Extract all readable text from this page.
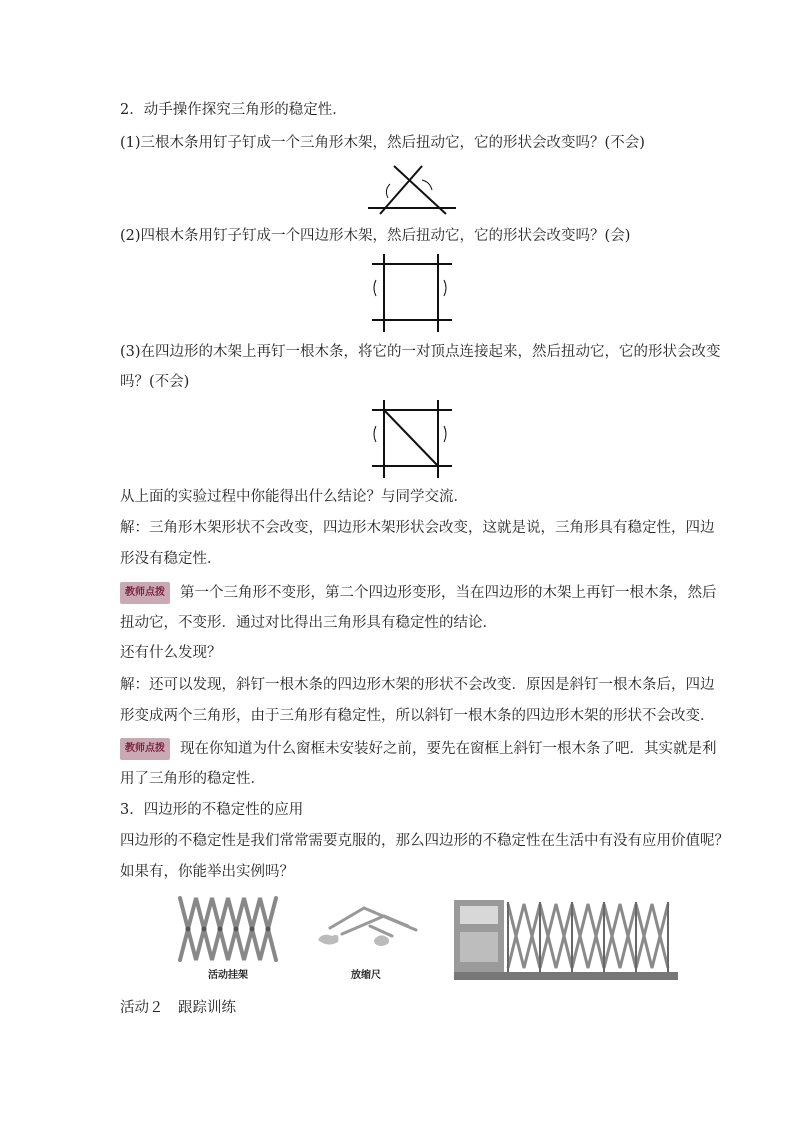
2．动手操作探究三角形的稳定性．
(1)三根木条用钉子钉成一个三角形木架，然后扭动它，它的形状会改变吗？(不会)
(2)四根木条用钉子钉成一个四边形木架，然后扭动它，它的形状会改变吗？(会)
(3)在四边形的木架上再钉一根木条，将它的一对顶点连接起来，然后扭动它，它的形状会改变
吗？(不会)
从上面的实验过程中你能得出什么结论？与同学交流．
解：三角形木架形状不会改变，四边形木架形状会改变，这就是说，三角形具有稳定性，四边
形没有稳定性．
教师点拨 第一个三角形不变形，第二个四边形变形，当在四边形的木架上再钉一根木条，然后
扭动它，不变形．通过对比得出三角形具有稳定性的结论．
还有什么发现？
解：还可以发现，斜钉一根木条的四边形木架的形状不会改变．原因是斜钉一根木条后，四边
形变成两个三角形，由于三角形有稳定性，所以斜钉一根木条的四边形木架的形状不会改变．
教师点拨 现在你知道为什么窗框未安装好之前，要先在窗框上斜钉一根木条了吧．其实就是利
用了三角形的稳定性．
3．四边形的不稳定性的应用
四边形的不稳定性是我们常常需要克服的，那么四边形的不稳定性在生活中有没有应用价值呢？
如果有，你能举出实例吗？
活动挂架	放缩尺
活动２　跟踪训练
